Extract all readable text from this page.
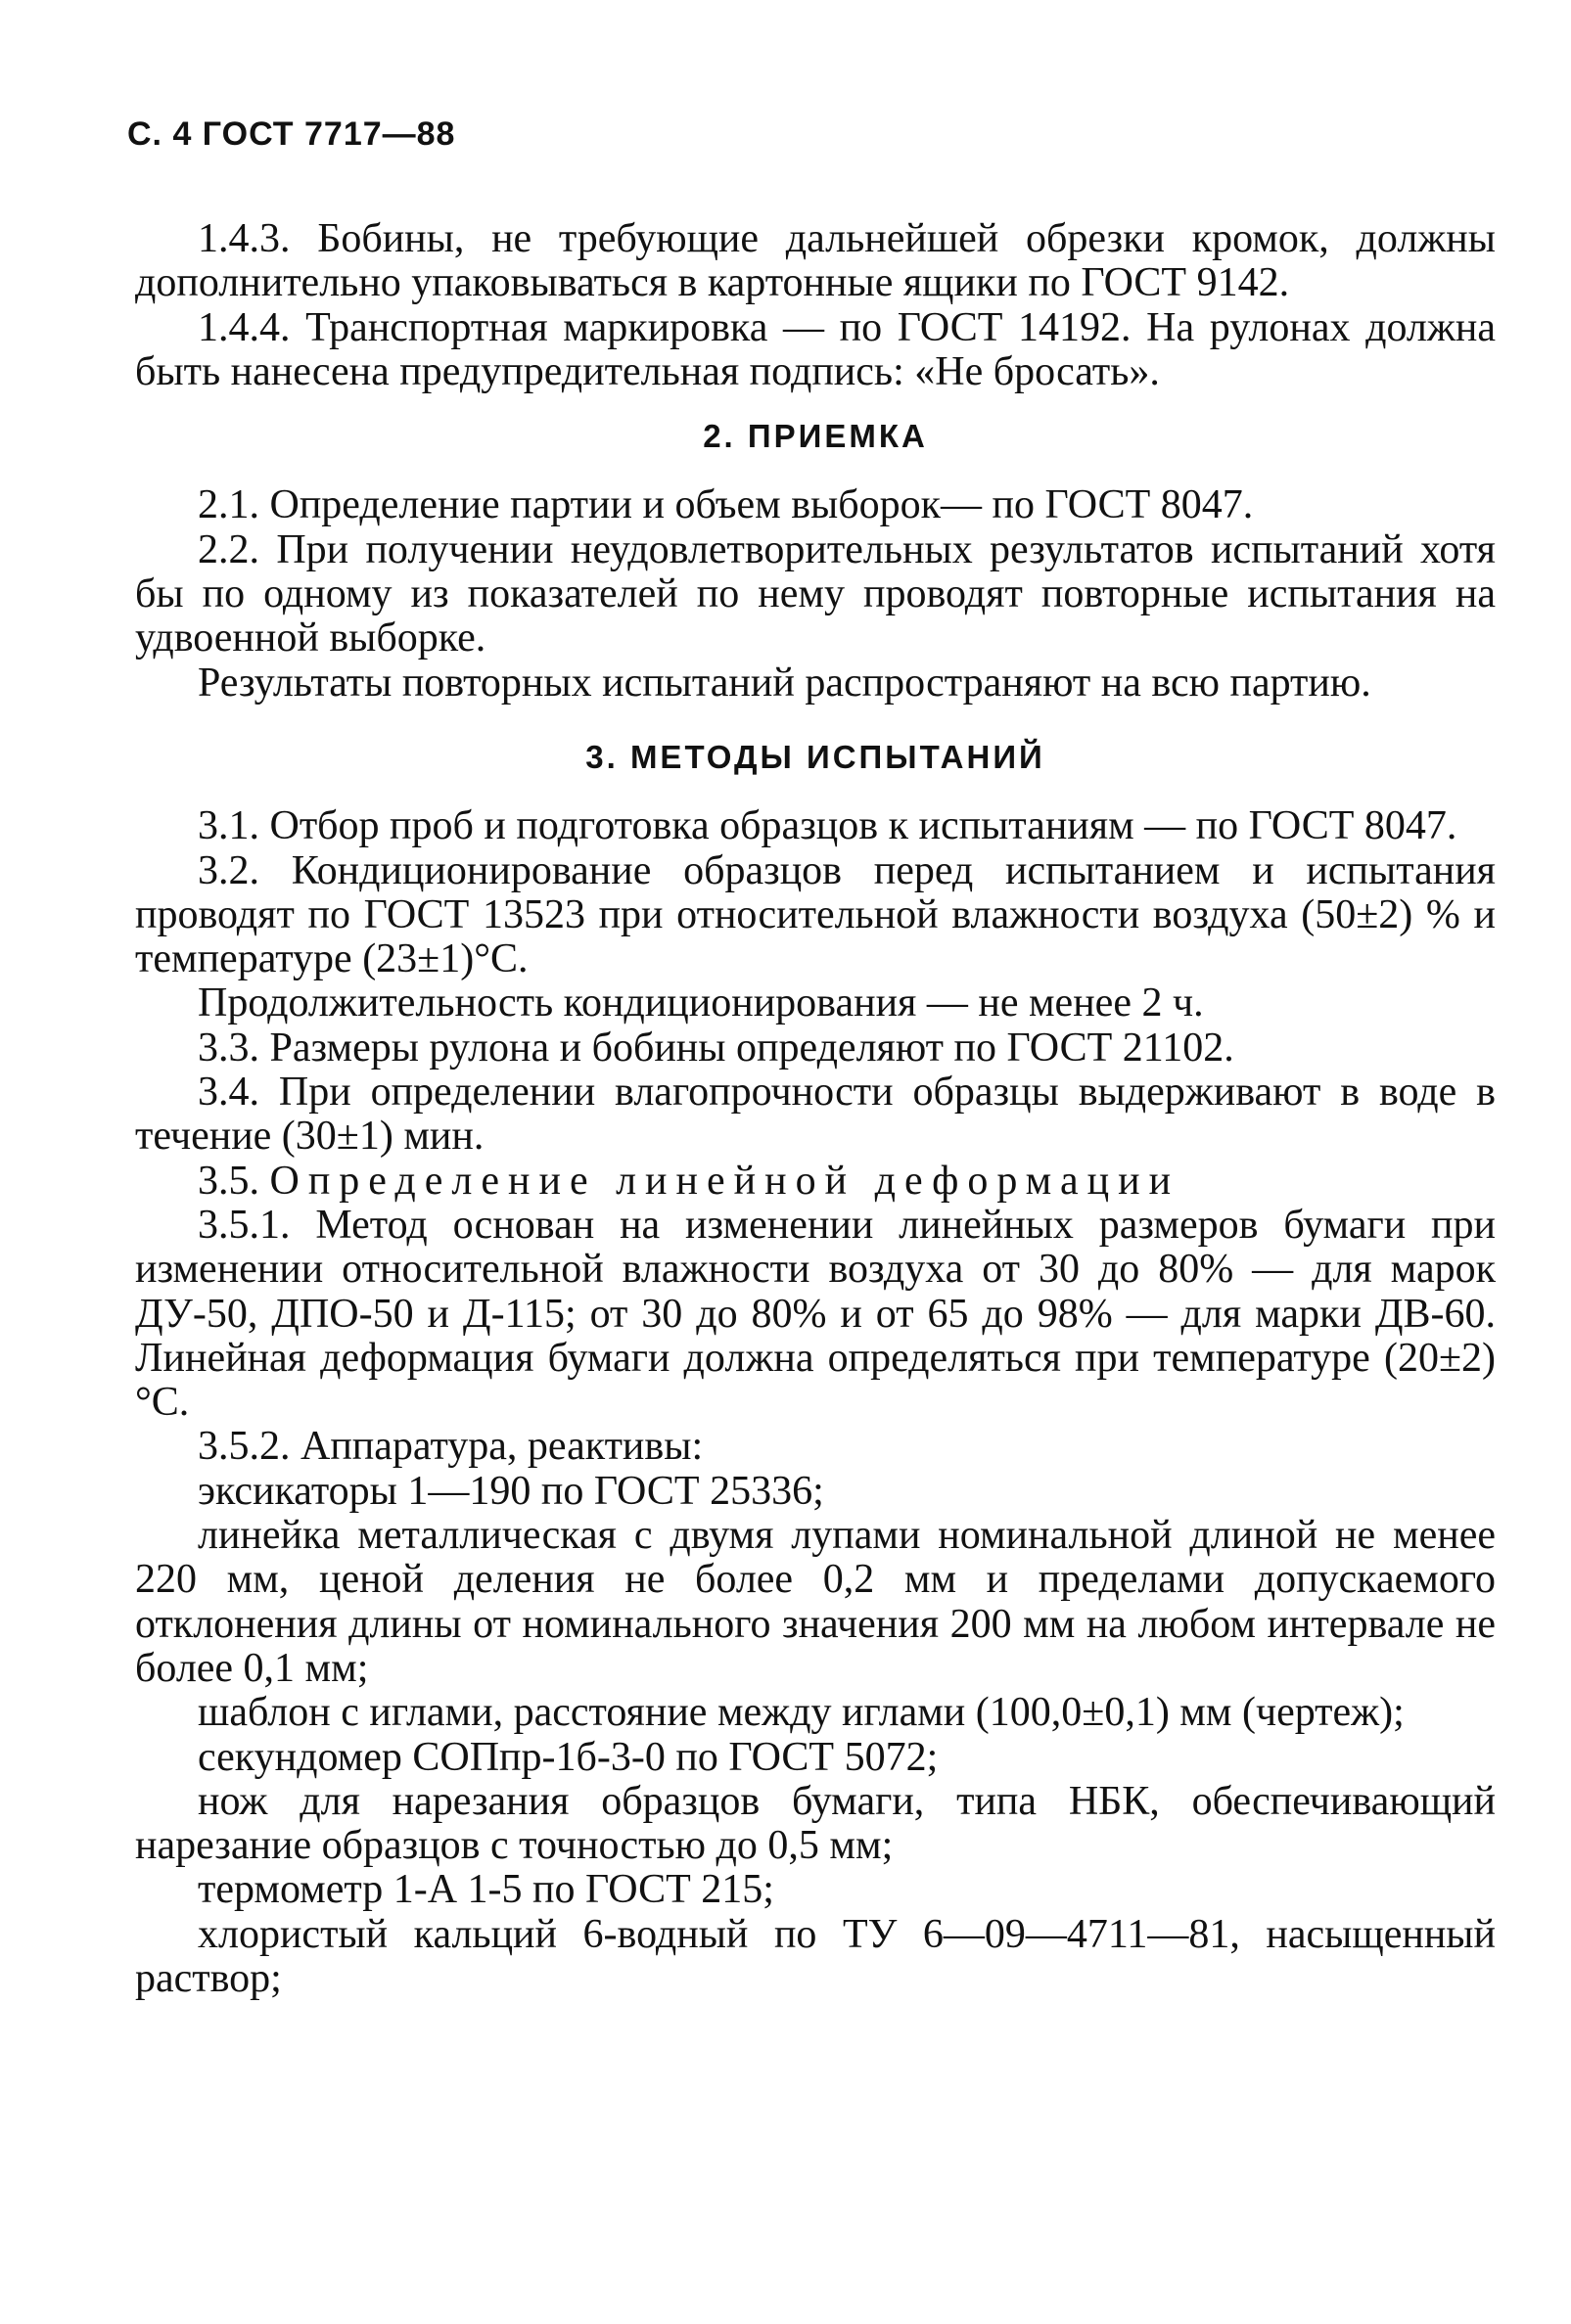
С. 4 ГОСТ 7717—88

1.4.3. Бобины, не требующие дальнейшей обрезки кромок, должны дополнительно упаковываться в картонные ящики по ГОСТ 9142.

1.4.4. Транспортная маркировка — по ГОСТ 14192. На рулонах должна быть нанесена предупредительная подпись: «Не бросать».

2. ПРИЕМКА

2.1. Определение партии и объем выборок— по ГОСТ 8047.

2.2. При получении неудовлетворительных результатов испытаний хотя бы по одному из показателей по нему проводят повторные испытания на удвоенной выборке.

Результаты повторных испытаний распространяют на всю партию.

3. МЕТОДЫ ИСПЫТАНИЙ

3.1. Отбор проб и подготовка образцов к испытаниям — по ГОСТ 8047.

3.2. Кондиционирование образцов перед испытанием и испытания проводят по ГОСТ 13523 при относительной влажности воздуха (50±2) % и температуре (23±1)°С.

Продолжительность кондиционирования — не менее 2 ч.

3.3. Размеры рулона и бобины определяют по ГОСТ 21102.

3.4. При определении влагопрочности образцы выдерживают в воде в течение (30±1) мин.

3.5. Определение линейной деформации

3.5.1. Метод основан на изменении линейных размеров бумаги при изменении относительной влажности воздуха от 30 до 80% — для марок ДУ-50, ДПО-50 и Д-115; от 30 до 80% и от 65 до 98% — для марки ДВ-60. Линейная деформация бумаги должна определяться при температуре (20±2)°С.

3.5.2. Аппаратура, реактивы:

эксикаторы 1—190 по ГОСТ 25336;

линейка металлическая с двумя лупами номинальной длиной не менее 220 мм, ценой деления не более 0,2 мм и пределами допускаемого отклонения длины от номинального значения 200 мм на любом интервале не более 0,1 мм;

шаблон с иглами, расстояние между иглами (100,0±0,1) мм (чертеж);

секундомер СОПпр-1б-3-0 по ГОСТ 5072;

нож для нарезания образцов бумаги, типа НБК, обеспечивающий нарезание образцов с точностью до 0,5 мм;

термометр 1-А 1-5 по ГОСТ 215;

хлористый кальций 6-водный по ТУ 6—09—4711—81, насыщенный раствор;
